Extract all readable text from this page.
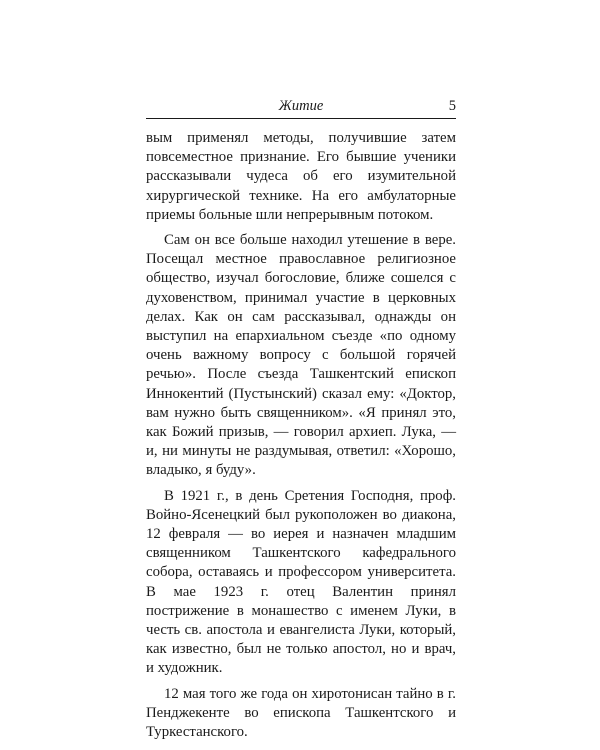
Житие	5

вым применял методы, получившие затем повсеместное признание. Его бывшие ученики рассказывали чудеса об его изумительной хирургической технике. На его амбулаторные приемы больные шли непрерывным потоком.

Сам он все больше находил утешение в вере. Посещал местное православное религиозное общество, изучал богословие, ближе сошелся с духовенством, принимал участие в церковных делах. Как он сам рассказывал, однажды он выступил на епархиальном съезде «по одному очень важному вопросу с большой горячей речью». После съезда Ташкентский епископ Иннокентий (Пустынский) сказал ему: «Доктор, вам нужно быть священником». «Я принял это, как Божий призыв, — говорил архиеп. Лука, — и, ни минуты не раздумывая, ответил: «Хорошо, владыко, я буду».

В 1921 г., в день Сретения Господня, проф. Войно-Ясенецкий был рукоположен во диакона, 12 февраля — во иерея и назначен младшим священником Ташкентского кафедрального собора, оставаясь и профессором университета. В мае 1923 г. отец Валентин принял пострижение в монашество с именем Луки, в честь св. апостола и евангелиста Луки, который, как известно, был не только апостол, но и врач, и художник.

12 мая того же года он хиротонисан тайно в г. Пенджекенте во епископа Ташкентского и Туркестанского.
